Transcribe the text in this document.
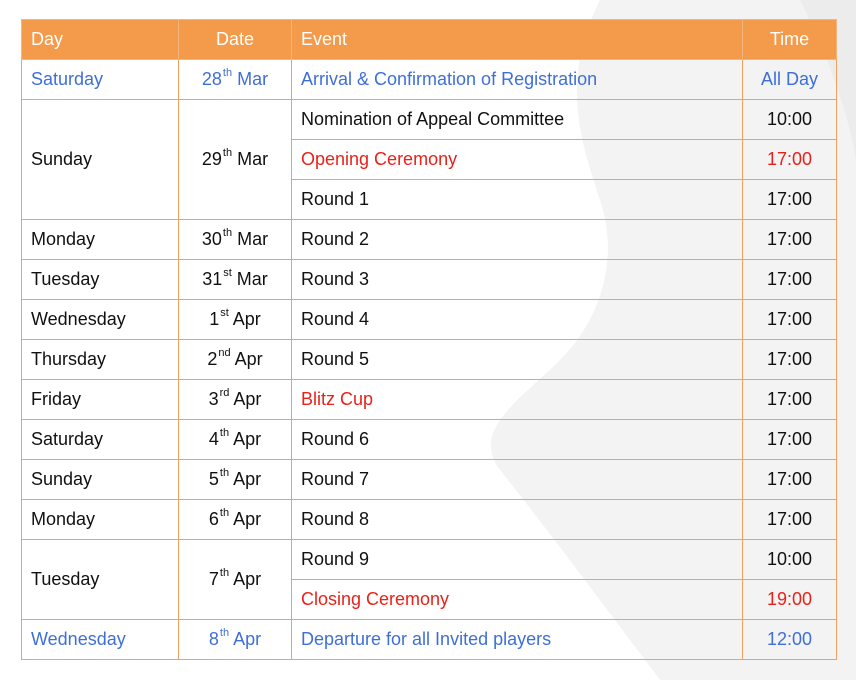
Day	Date	Event	Time
Saturday	28th Mar	Arrival & Confirmation of Registration	All Day
Sunday	29th Mar	Nomination of Appeal Committee	10:00
		Opening Ceremony	17:00
		Round 1	17:00
Monday	30th Mar	Round 2	17:00
Tuesday	31st Mar	Round 3	17:00
Wednesday	1st Apr	Round 4	17:00
Thursday	2nd Apr	Round 5	17:00
Friday	3rd Apr	Blitz Cup	17:00
Saturday	4th Apr	Round 6	17:00
Sunday	5th Apr	Round 7	17:00
Monday	6th Apr	Round 8	17:00
Tuesday	7th Apr	Round 9	10:00
		Closing Ceremony	19:00
Wednesday	8th Apr	Departure for all Invited players	12:00
